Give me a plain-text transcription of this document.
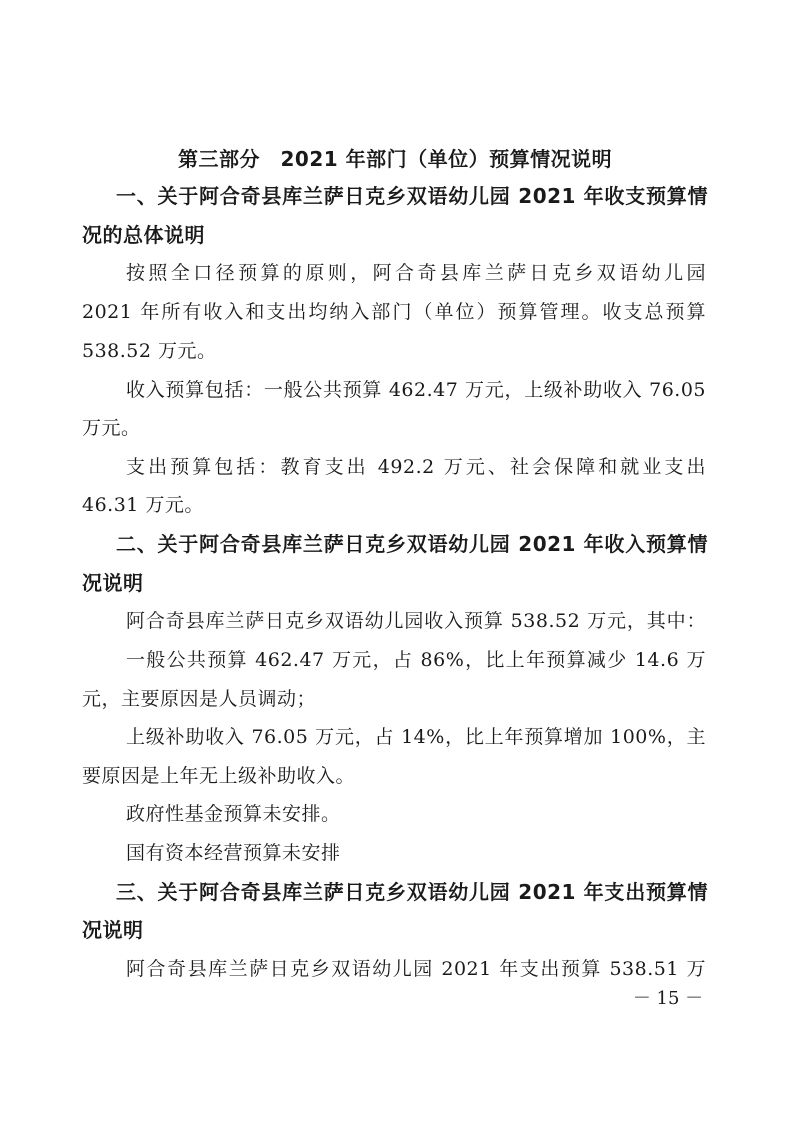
第三部分　2021 年部门（单位）预算情况说明
一、关于阿合奇县库兰萨日克乡双语幼儿园 2021 年收支预算情
况的总体说明
按照全口径预算的原则，阿合奇县库兰萨日克乡双语幼儿园
2021 年所有收入和支出均纳入部门（单位）预算管理。收支总预算
538.52 万元。
收入预算包括：一般公共预算 462.47 万元，上级补助收入 76.05
万元。
支出预算包括：教育支出 492.2 万元、社会保障和就业支出
46.31 万元。
二、关于阿合奇县库兰萨日克乡双语幼儿园 2021 年收入预算情
况说明
阿合奇县库兰萨日克乡双语幼儿园收入预算 538.52 万元，其中：
一般公共预算 462.47 万元，占 86%，比上年预算减少 14.6 万
元，主要原因是人员调动；
上级补助收入 76.05 万元，占 14%，比上年预算增加 100%，主
要原因是上年无上级补助收入。
政府性基金预算未安排。
国有资本经营预算未安排
三、关于阿合奇县库兰萨日克乡双语幼儿园 2021 年支出预算情
况说明
阿合奇县库兰萨日克乡双语幼儿园 2021 年支出预算 538.51 万
－ 15 －
